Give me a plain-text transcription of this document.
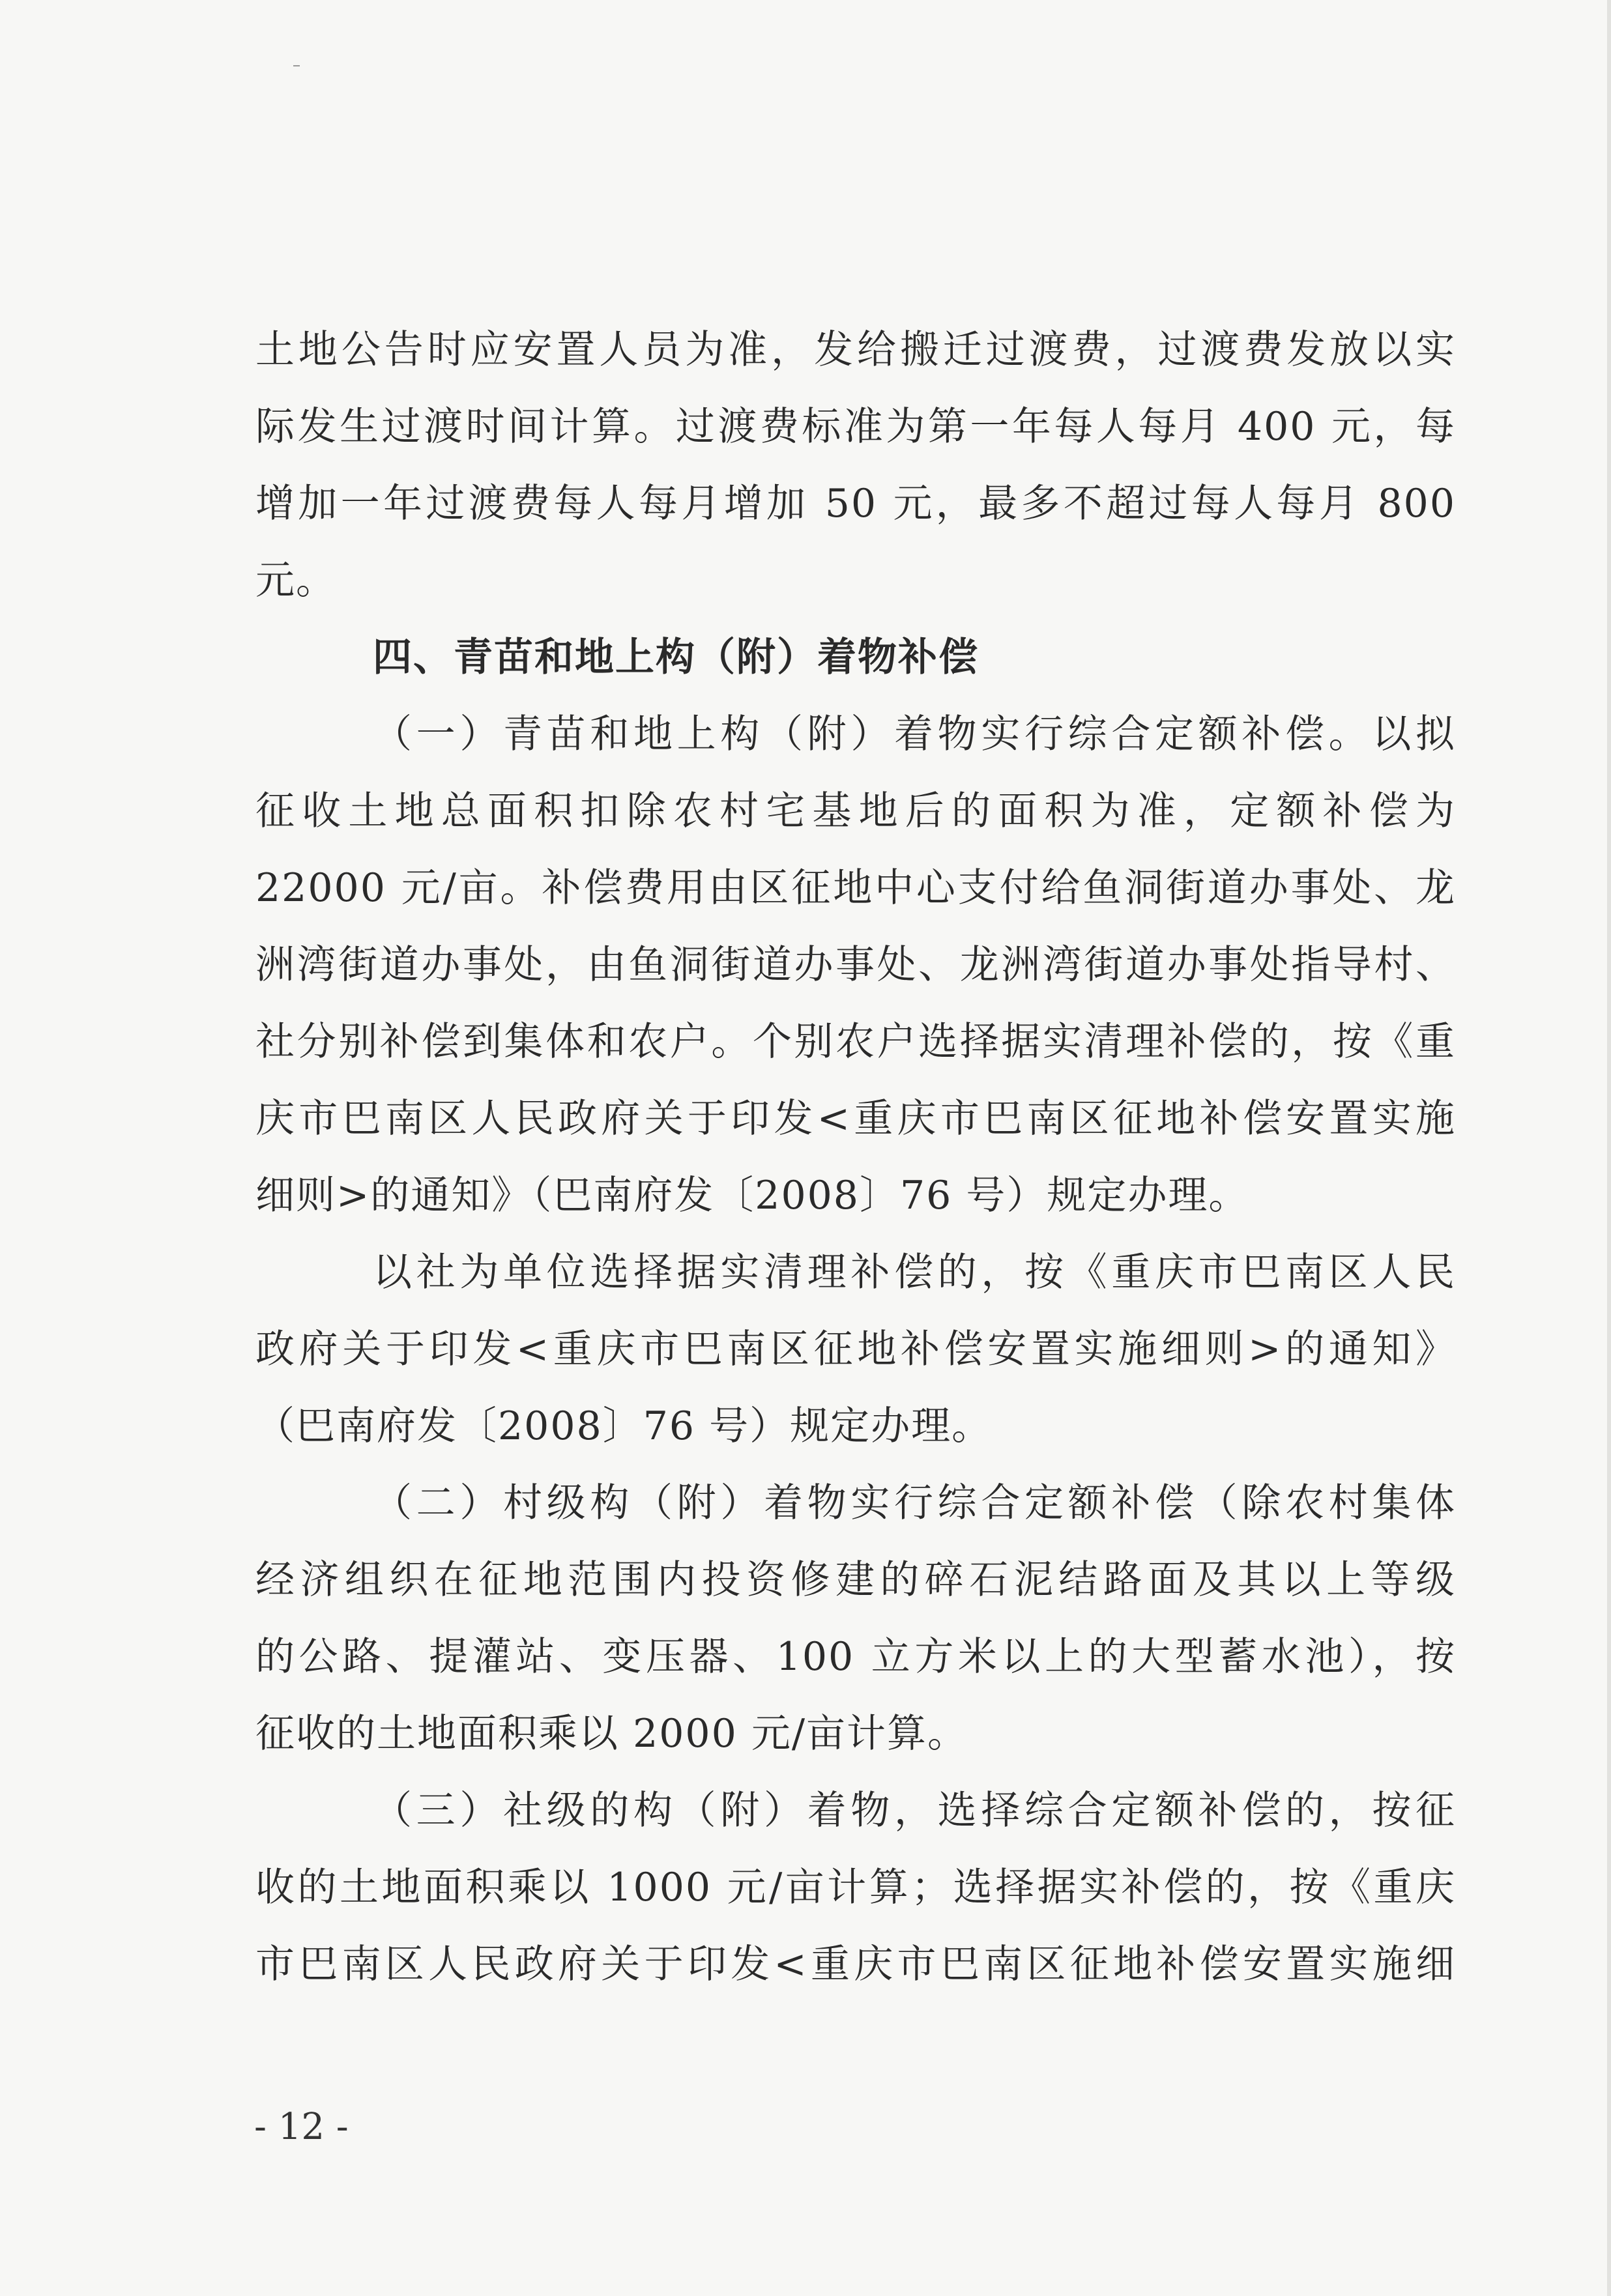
土地公告时应安置人员为准，发给搬迁过渡费，过渡费发放以实
际发生过渡时间计算。过渡费标准为第一年每人每月 400 元，每
增加一年过渡费每人每月增加 50 元，最多不超过每人每月 800
元。
四、青苗和地上构（附）着物补偿
（一）青苗和地上构（附）着物实行综合定额补偿。以拟
征收土地总面积扣除农村宅基地后的面积为准，定额补偿为
22000 元/亩。补偿费用由区征地中心支付给鱼洞街道办事处、龙
洲湾街道办事处，由鱼洞街道办事处、龙洲湾街道办事处指导村、
社分别补偿到集体和农户。个别农户选择据实清理补偿的，按《重
庆市巴南区人民政府关于印发<重庆市巴南区征地补偿安置实施
细则>的通知》（巴南府发〔2008〕76 号）规定办理。
以社为单位选择据实清理补偿的，按《重庆市巴南区人民
政府关于印发<重庆市巴南区征地补偿安置实施细则>的通知》
（巴南府发〔2008〕76 号）规定办理。
（二）村级构（附）着物实行综合定额补偿（除农村集体
经济组织在征地范围内投资修建的碎石泥结路面及其以上等级
的公路、提灌站、变压器、100 立方米以上的大型蓄水池），按
征收的土地面积乘以 2000 元/亩计算。
（三）社级的构（附）着物，选择综合定额补偿的，按征
收的土地面积乘以 1000 元/亩计算；选择据实补偿的，按《重庆
市巴南区人民政府关于印发<重庆市巴南区征地补偿安置实施细
- 12 -
